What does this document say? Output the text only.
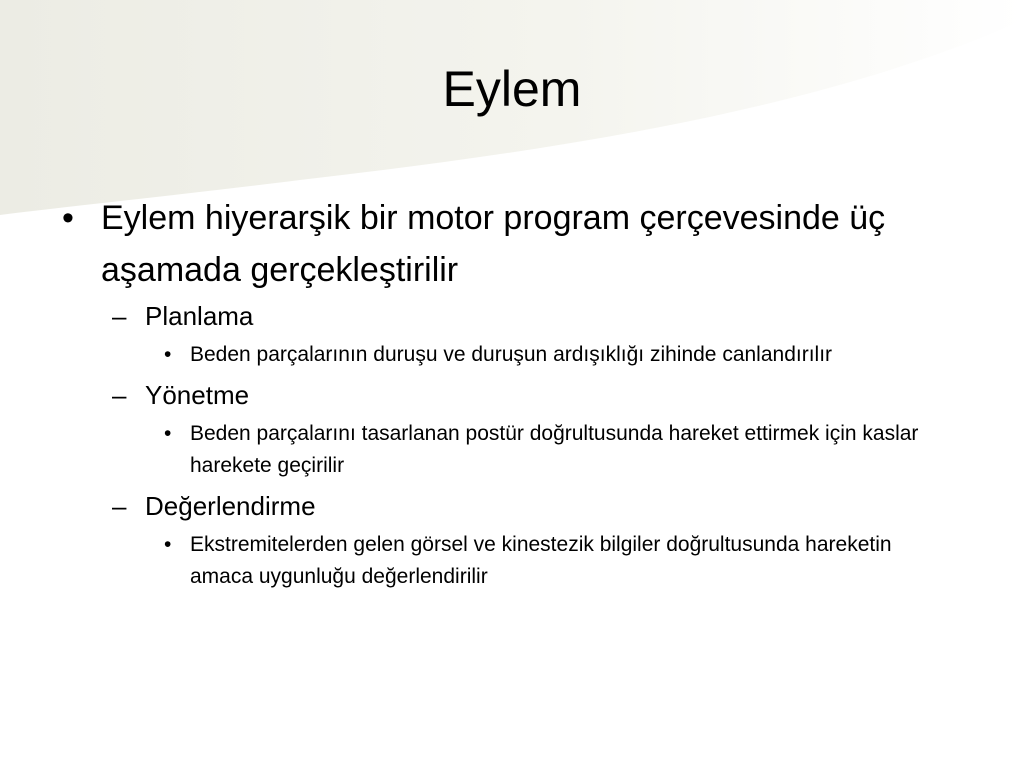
Eylem
• Eylem hiyerarşik bir motor program çerçevesinde üç aşamada gerçekleştirilir
– Planlama
• Beden parçalarının duruşu ve duruşun ardışıklığı zihinde canlandırılır
– Yönetme
• Beden parçalarını tasarlanan postür doğrultusunda hareket ettirmek için kaslar harekete geçirilir
– Değerlendirme
• Ekstremitelerden gelen görsel ve kinestezik bilgiler doğrultusunda hareketin amaca uygunluğu değerlendirilir
